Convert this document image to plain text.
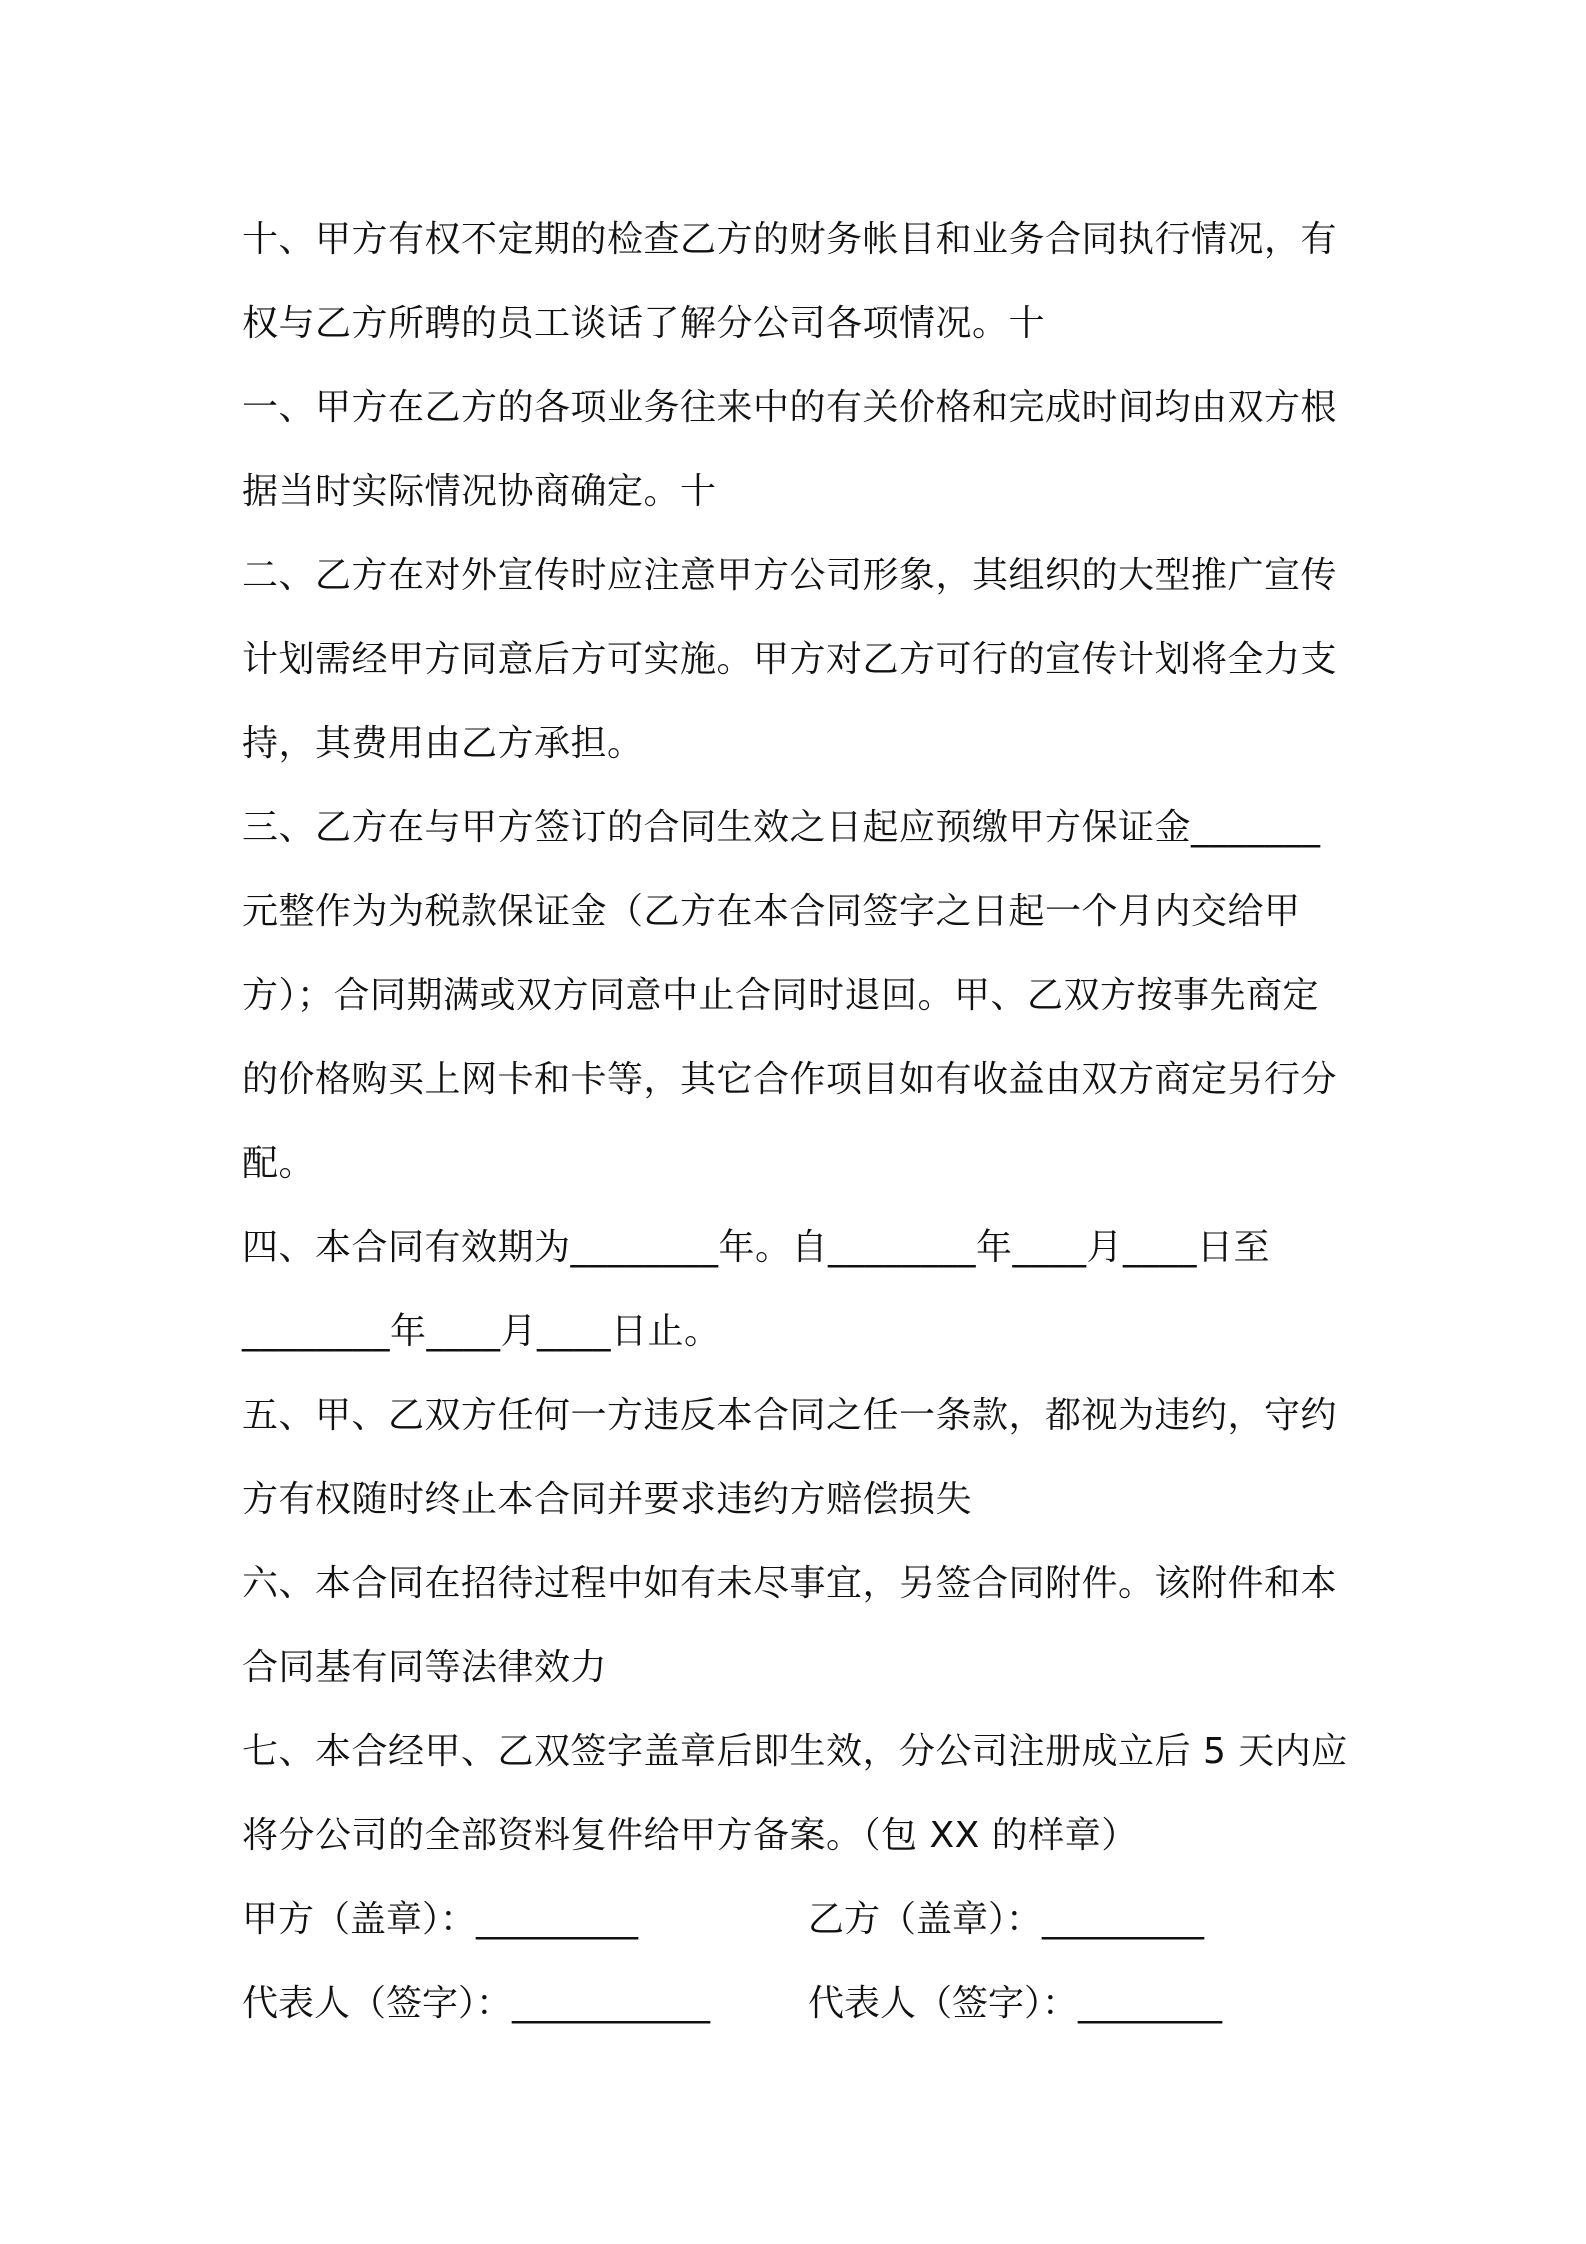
十、甲方有权不定期的检查乙方的财务帐目和业务合同执行情况，有
权与乙方所聘的员工谈话了解分公司各项情况。十
一、甲方在乙方的各项业务往来中的有关价格和完成时间均由双方根
据当时实际情况协商确定。十
二、乙方在对外宣传时应注意甲方公司形象，其组织的大型推广宣传
计划需经甲方同意后方可实施。甲方对乙方可行的宣传计划将全力支
持，其费用由乙方承担。
三、乙方在与甲方签订的合同生效之日起应预缴甲方保证金_______
元整作为为税款保证金（乙方在本合同签字之日起一个月内交给甲
方）；合同期满或双方同意中止合同时退回。甲、乙双方按事先商定
的价格购买上网卡和卡等，其它合作项目如有收益由双方商定另行分
配。
四、本合同有效期为________年。自________年____月____日至
________年____月____日止。
五、甲、乙双方任何一方违反本合同之任一条款，都视为违约，守约
方有权随时终止本合同并要求违约方赔偿损失
六、本合同在招待过程中如有未尽事宜，另签合同附件。该附件和本
合同基有同等法律效力
七、本合经甲、乙双签字盖章后即生效，分公司注册成立后 5 天内应
将分公司的全部资料复件给甲方备案。（包 XX 的样章）
甲方（盖章）：_________	乙方（盖章）：_________
代表人（签字）：___________	代表人（签字）：________
